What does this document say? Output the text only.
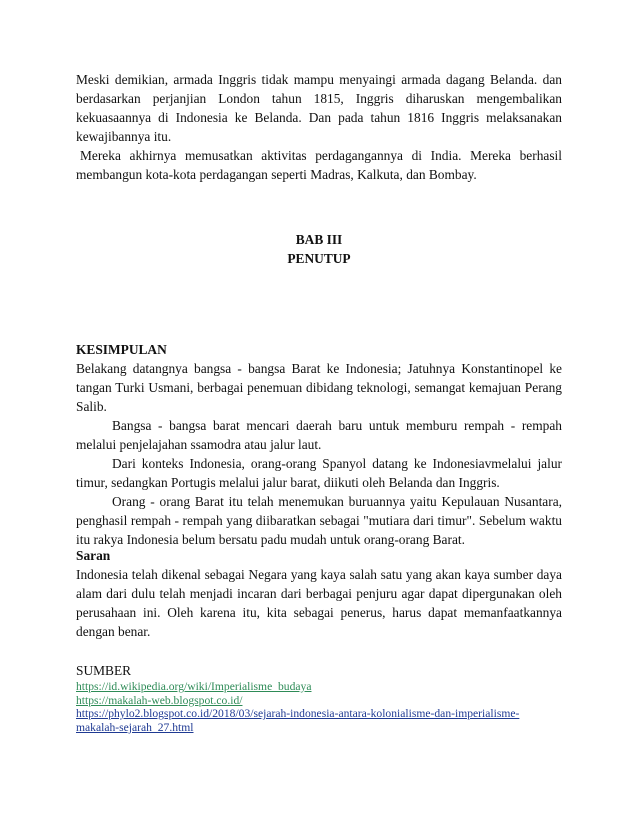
Meski demikian, armada Inggris tidak mampu menyaingi armada dagang Belanda. dan berdasarkan perjanjian London tahun 1815, Inggris diharuskan mengembalikan kekuasaannya di Indonesia ke Belanda. Dan pada tahun 1816 Inggris melaksanakan kewajibannya itu.

Mereka akhirnya memusatkan aktivitas perdagangannya di India. Mereka berhasil membangun kota-kota perdagangan seperti Madras, Kalkuta, dan Bombay.

BAB III

PENUTUP

KESIMPULAN

Belakang datangnya bangsa - bangsa Barat ke Indonesia; Jatuhnya Konstantinopel ke tangan Turki Usmani, berbagai penemuan dibidang teknologi, semangat kemajuan Perang Salib.

Bangsa - bangsa barat mencari daerah baru untuk memburu rempah - rempah melalui penjelajahan ssamodra atau jalur laut.

Dari konteks Indonesia, orang-orang Spanyol datang ke Indonesiavmelalui jalur timur, sedangkan Portugis melalui jalur barat, diikuti oleh Belanda dan Inggris.

Orang - orang Barat itu telah menemukan buruannya yaitu Kepulauan Nusantara, penghasil rempah - rempah yang diibaratkan sebagai "mutiara dari timur". Sebelum waktu itu rakya Indonesia belum bersatu padu mudah untuk orang-orang Barat.

Saran

Indonesia telah dikenal sebagai Negara yang kaya salah satu yang akan kaya sumber daya alam dari dulu telah menjadi incaran dari berbagai penjuru agar dapat dipergunakan oleh perusahaan ini. Oleh karena itu, kita sebagai penerus, harus dapat memanfaatkannya dengan benar.

SUMBER

https://id.wikipedia.org/wiki/Imperialisme_budaya
https://makalah-web.blogspot.co.id/
https://phylo2.blogspot.co.id/2018/03/sejarah-indonesia-antara-kolonialisme-dan-imperialisme-makalah-sejarah_27.html
